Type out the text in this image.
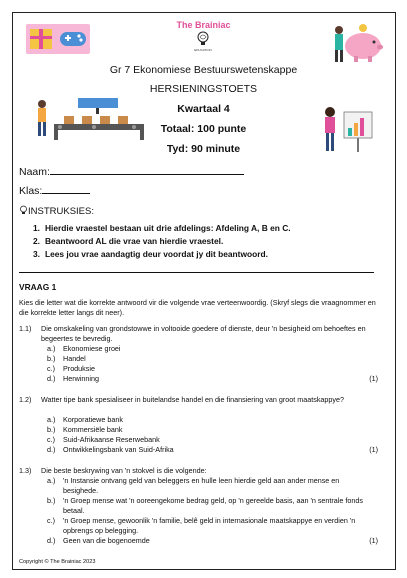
The Brainiac
EDUCATION
Gr 7 Ekonomiese Bestuurswetenskappe
HERSIENINGSTOETS
Kwartaal 4
Totaal: 100 punte
Tyd: 90 minute
Naam:
Klas:
INSTRUKSIES:
1. Hierdie vraestel bestaan uit drie afdelings: Afdeling A, B en C.
2. Beantwoord AL die vrae van hierdie vraestel.
3. Lees jou vrae aandagtig deur voordat jy dit beantwoord.
VRAAG 1
Kies die letter wat die korrekte antwoord vir die volgende vrae verteenwoordig. (Skryf slegs die vraagnommer en die korrekte letter langs dit neer).
1.1) Die omskakeling van grondstowwe in voltooide goedere of dienste, deur 'n besigheid om behoeftes en begeertes te bevredig.
a.) Ekonomiese groei
b.) Handel
c.) Produksie
d.) Herwinning	(1)
1.2) Watter tipe bank spesialiseer in buitelandse handel en die finansiering van groot maatskappye?
a.) Korporatiewe bank
b.) Kommersiële bank
c.) Suid-Afrikaanse Reserwebank
d.) Ontwikkelingsbank van Suid-Afrika	(1)
1.3) Die beste beskrywing van 'n stokvel is die volgende:
a.) 'n Instansie ontvang geld van beleggers en hulle leen hierdie geld aan ander mense en besighede.
b.) 'n Groep mense wat 'n ooreengekome bedrag geld, op 'n gereelde basis, aan 'n sentrale fonds betaal.
c.) 'n Groep mense, gewoonlik 'n familie, belê geld in internasionale maatskappye en verdien 'n opbrengs op belegging.
d.) Geen van die bogenoemde	(1)
Copyright © The Brainiac 2023
